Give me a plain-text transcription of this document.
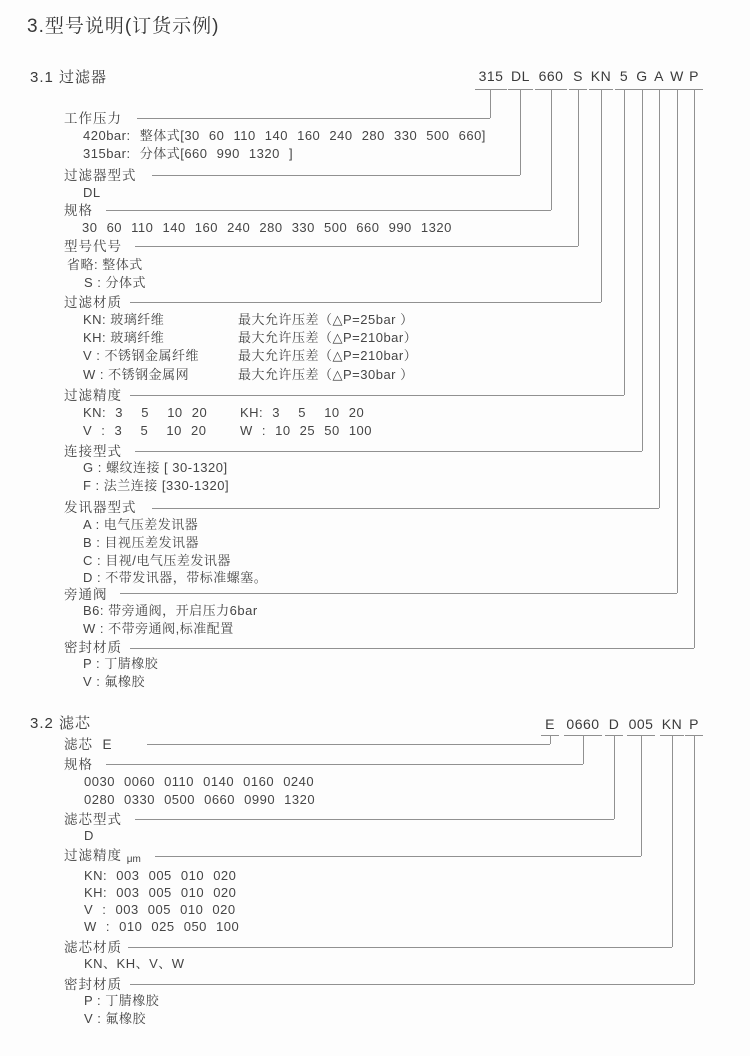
3.型号说明(订货示例)
3.1 过滤器	315 DL 660 S KN 5 G A W P
工作压力
420bar: 整体式[30 60 110 140 160 240 280 330 500 660]
315bar: 分体式[660 990 1320 ]
过滤器型式
DL
规格
30 60 110 140 160 240 280 330 500 660 990 1320
型号代号
省略: 整体式
S : 分体式
过滤材质
KN: 玻璃纤维	最大允许压差（△P=25bar ）
KH: 玻璃纤维	最大允许压差（△P=210bar）
V : 不锈钢金属纤维	最大允许压差（△P=210bar）
W : 不锈钢金属网	最大允许压差（△P=30bar ）
过滤精度
KN: 3  5  10 20	KH: 3  5  10 20
V : 3  5  10 20	W : 10 25 50 100
连接型式
G : 螺纹连接 [ 30-1320]
F : 法兰连接 [330-1320]
发讯器型式
A : 电气压差发讯器
B : 目视压差发讯器
C : 目视/电气压差发讯器
D : 不带发讯器，带标准螺塞。
旁通阀
B6: 带旁通阀，开启压力6bar
W : 不带旁通阀,标准配置
密封材质
P : 丁腈橡胶
V : 氟橡胶
3.2 滤芯	E 0660 D 005 KN P
滤芯  E
规格
0030 0060 0110 0140 0160 0240
0280 0330 0500 0660 0990 1320
滤芯型式
D
过滤精度 μm
KN: 003 005 010 020
KH: 003 005 010 020
V : 003 005 010 020
W : 010 025 050 100
滤芯材质
KN、KH、V、W
密封材质
P : 丁腈橡胶
V : 氟橡胶
